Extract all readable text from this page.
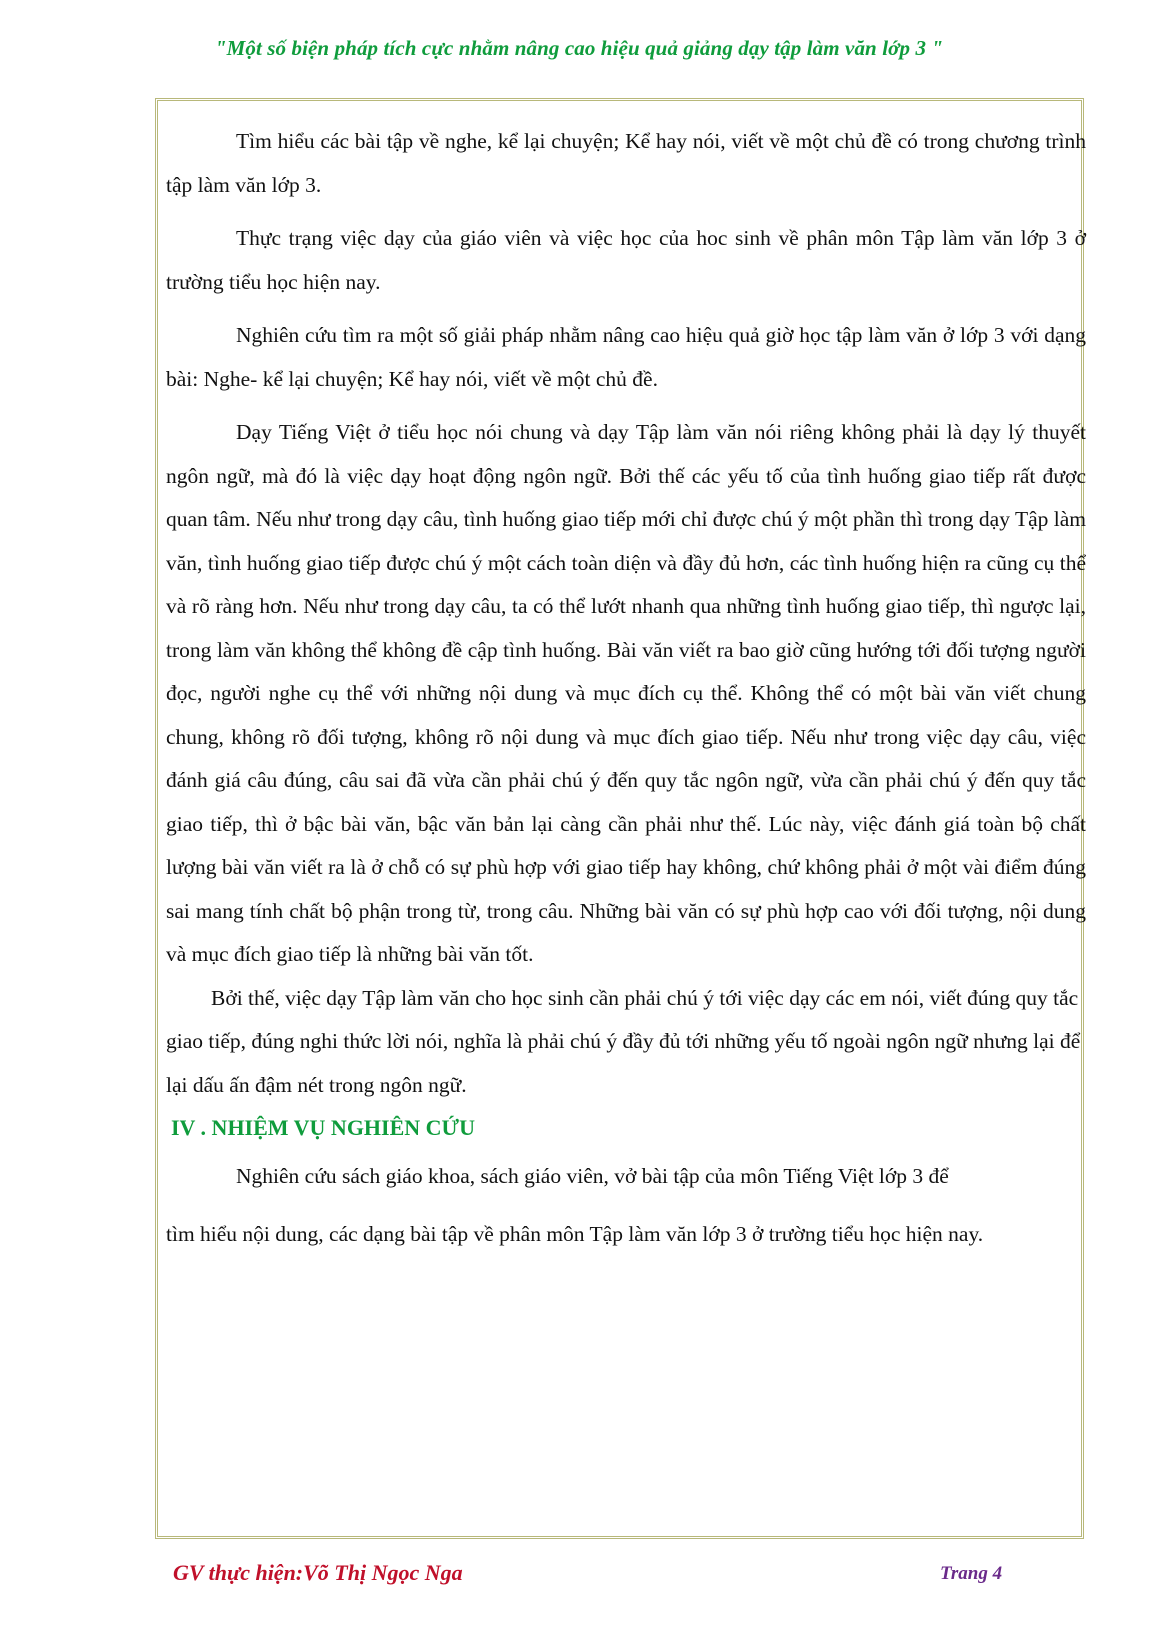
"Một số biện pháp tích cực nhằm nâng cao hiệu quả giảng dạy tập làm văn lớp 3 "

Tìm hiểu các bài tập về nghe, kể lại chuyện; Kể hay nói, viết về một chủ đề có trong chương trình tập làm văn lớp 3.

Thực trạng việc dạy của giáo viên và việc học của hoc sinh về phân môn Tập làm văn lớp 3 ở trường tiểu học hiện nay.

Nghiên cứu tìm ra một số giải pháp nhằm nâng cao hiệu quả giờ học tập làm văn ở lớp 3 với dạng bài: Nghe- kể lại chuyện; Kể hay nói, viết về một chủ đề.

Dạy Tiếng Việt ở tiểu học nói chung và dạy Tập làm văn nói riêng không phải là dạy lý thuyết ngôn ngữ, mà đó là việc dạy hoạt động ngôn ngữ. Bởi thế các yếu tố của tình huống giao tiếp rất được quan tâm. Nếu như trong dạy câu, tình huống giao tiếp mới chỉ được chú ý một phần thì trong dạy Tập làm văn, tình huống giao tiếp được chú ý một cách toàn diện và đầy đủ hơn, các tình huống hiện ra cũng cụ thể và rõ ràng hơn. Nếu như trong dạy câu, ta có thể lướt nhanh qua những tình huống giao tiếp, thì ngược lại, trong làm văn không thể không đề cập tình huống. Bài văn viết ra bao giờ cũng hướng tới đối tượng người đọc, người nghe cụ thể với những nội dung và mục đích cụ thể. Không thể có một bài văn viết chung chung, không rõ đối tượng, không rõ nội dung và mục đích giao tiếp. Nếu như trong việc dạy câu, việc đánh giá câu đúng, câu sai đã vừa cần phải chú ý đến quy tắc ngôn ngữ, vừa cần phải chú ý đến quy tắc giao tiếp, thì ở bậc bài văn, bậc văn bản lại càng cần phải như thế. Lúc này, việc đánh giá toàn bộ chất lượng bài văn viết ra là ở chỗ có sự phù hợp với giao tiếp hay không, chứ không phải ở một vài điểm đúng sai mang tính chất bộ phận trong từ, trong câu. Những bài văn có sự phù hợp cao với đối tượng, nội dung và mục đích giao tiếp là những bài văn tốt.

Bởi thế, việc dạy Tập làm văn cho học sinh cần phải chú ý tới việc dạy các em nói, viết đúng quy tắc giao tiếp, đúng nghi thức lời nói, nghĩa là phải chú ý đầy đủ tới những yếu tố ngoài ngôn ngữ nhưng lại để lại dấu ấn đậm nét trong ngôn ngữ.

IV . NHIỆM VỤ NGHIÊN CỨU

Nghiên cứu sách giáo khoa, sách giáo viên, vở bài tập của môn Tiếng Việt lớp 3 để

tìm hiểu nội dung, các dạng bài tập về phân môn Tập làm văn lớp 3 ở trường tiểu học hiện nay.

GV thực hiện:Võ Thị Ngọc Nga	Trang 4
